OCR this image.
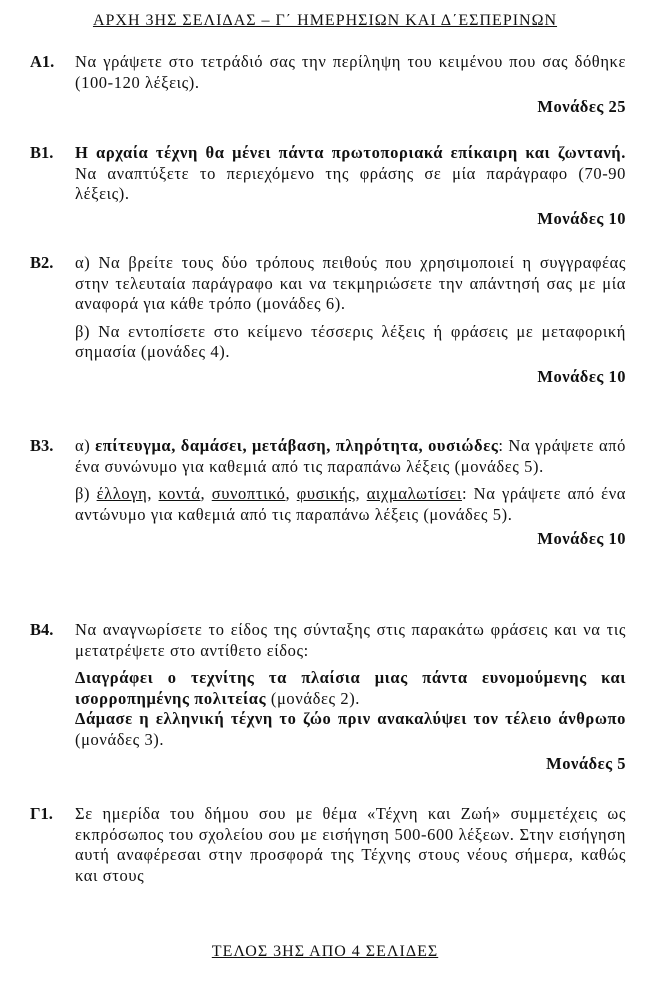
ΑΡΧΗ 3ΗΣ ΣΕΛΙΔΑΣ – Γ΄ ΗΜΕΡΗΣΙΩΝ ΚΑΙ Δ΄ΕΣΠΕΡΙΝΩΝ
Α1. Να γράψετε στο τετράδιό σας την περίληψη του κειμένου που σας δόθηκε (100-120 λέξεις).

Μονάδες 25
Β1. Η αρχαία τέχνη θα μένει πάντα πρωτοποριακά επίκαιρη και ζωντανή. Να αναπτύξετε το περιεχόμενο της φράσης σε μία παράγραφο (70-90 λέξεις).

Μονάδες 10
Β2. α) Να βρείτε τους δύο τρόπους πειθούς που χρησιμοποιεί η συγγραφέας στην τελευταία παράγραφο και να τεκμηριώσετε την απάντησή σας με μία αναφορά για κάθε τρόπο (μονάδες 6).

β) Να εντοπίσετε στο κείμενο τέσσερις λέξεις ή φράσεις με μεταφορική σημασία (μονάδες 4).

Μονάδες 10
Β3. α) επίτευγμα, δαμάσει, μετάβαση, πληρότητα, ουσιώδες: Να γράψετε από ένα συνώνυμο για καθεμιά από τις παραπάνω λέξεις (μονάδες 5).

β) έλλογη, κοντά, συνοπτικό, φυσικής, αιχμαλωτίσει: Να γράψετε από ένα αντώνυμο για καθεμιά από τις παραπάνω λέξεις (μονάδες 5).

Μονάδες 10
Β4. Να αναγνωρίσετε το είδος της σύνταξης στις παρακάτω φράσεις και να τις μετατρέψετε στο αντίθετο είδος:

Διαγράφει ο τεχνίτης τα πλαίσια μιας πάντα ευνομούμενης και ισορροπημένης πολιτείας (μονάδες 2).

Δάμασε η ελληνική τέχνη το ζώο πριν ανακαλύψει τον τέλειο άνθρωπο (μονάδες 3).

Μονάδες 5
Γ1. Σε ημερίδα του δήμου σου με θέμα «Τέχνη και Ζωή» συμμετέχεις ως εκπρόσωπος του σχολείου σου με εισήγηση 500-600 λέξεων. Στην εισήγηση αυτή αναφέρεσαι στην προσφορά της Τέχνης στους νέους σήμερα, καθώς και στους

ΤΕΛΟΣ 3ΗΣ ΑΠΟ 4 ΣΕΛΙΔΕΣ
